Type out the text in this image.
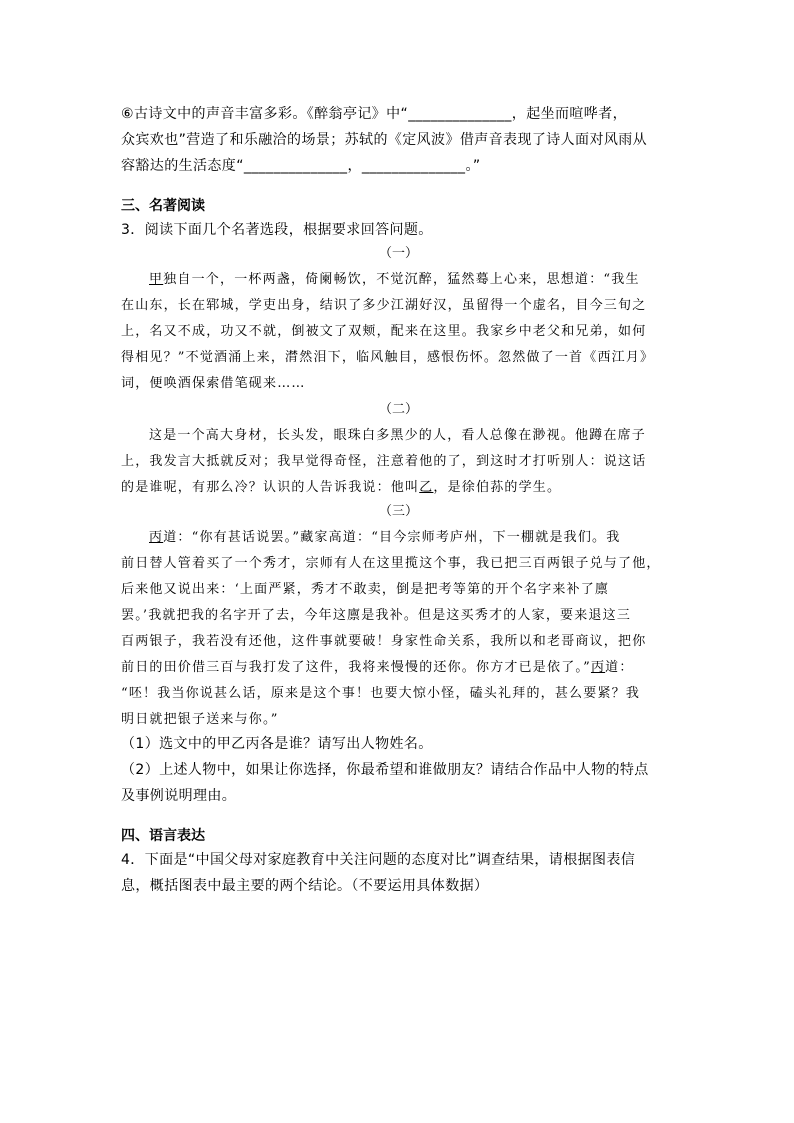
⑥古诗文中的声音丰富多彩。《醉翁亭记》中“______________，起坐而喧哗者，
众宾欢也”营造了和乐融洽的场景；苏轼的《定风波》借声音表现了诗人面对风雨从
容豁达的生活态度“______________，______________。”
三、名著阅读
3．阅读下面几个名著选段，根据要求回答问题。
（一）
甲独自一个，一杯两盏，倚阑畅饮，不觉沉醉，猛然蓦上心来，思想道：“我生
在山东，长在郓城，学吏出身，结识了多少江湖好汉，虽留得一个虚名，目今三旬之
上，名又不成，功又不就，倒被文了双颊，配来在这里。我家乡中老父和兄弟，如何
得相见？”不觉酒涌上来，潸然泪下，临风触目，感恨伤怀。忽然做了一首《西江月》
词，便唤酒保索借笔砚来……
（二）
这是一个高大身材，长头发，眼珠白多黑少的人，看人总像在渺视。他蹲在席子
上，我发言大抵就反对；我早觉得奇怪，注意着他的了，到这时才打听别人：说这话
的是谁呢，有那么冷？认识的人告诉我说：他叫乙，是徐伯荪的学生。
（三）
丙道：“你有甚话说罢。”藏家高道：“目今宗师考庐州，下一棚就是我们。我
前日替人管着买了一个秀才，宗师有人在这里揽这个事，我已把三百两银子兑与了他，
后来他又说出来：‘上面严紧，秀才不敢卖，倒是把考等第的开个名字来补了廪
罢。’我就把我的名字开了去，今年这廪是我补。但是这买秀才的人家，要来退这三
百两银子，我若没有还他，这件事就要破！身家性命关系，我所以和老哥商议，把你
前日的田价借三百与我打发了这件，我将来慢慢的还你。你方才已是依了。”丙道：
“呸！我当你说甚么话，原来是这个事！也要大惊小怪，磕头礼拜的，甚么要紧？我
明日就把银子送来与你。”
（1）选文中的甲乙丙各是谁？请写出人物姓名。
（2）上述人物中，如果让你选择，你最希望和谁做朋友？请结合作品中人物的特点
及事例说明理由。
四、语言表达
4．下面是“中国父母对家庭教育中关注问题的态度对比”调查结果，请根据图表信
息，概括图表中最主要的两个结论。（不要运用具体数据）
